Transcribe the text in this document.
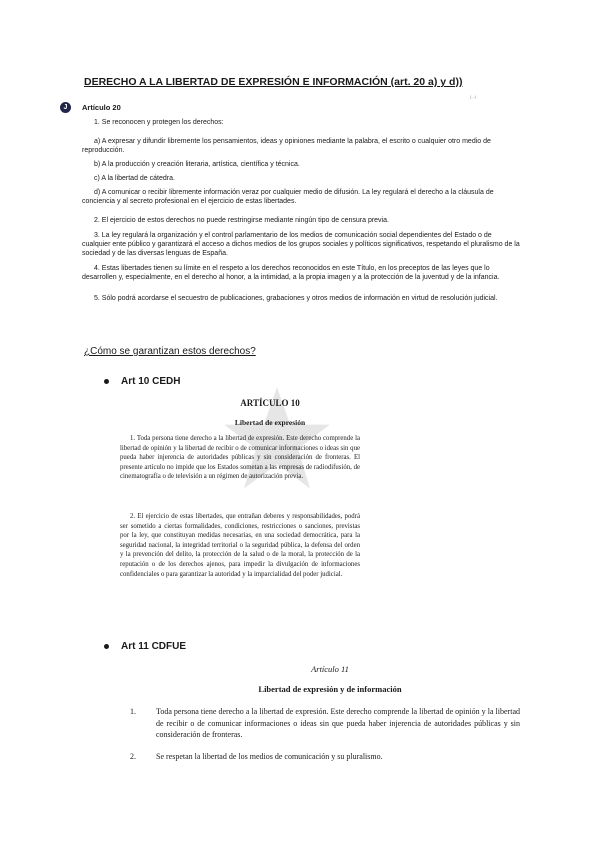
DERECHO A LA LIBERTAD DE EXPRESIÓN E INFORMACIÓN (art. 20 a) y d))
(...)
J	Artículo 20

1. Se reconocen y protegen los derechos:

a) A expresar y difundir libremente los pensamientos, ideas y opiniones mediante la palabra, el escrito o cualquier otro medio de reproducción.

b) A la producción y creación literaria, artística, científica y técnica.

c) A la libertad de cátedra.

d) A comunicar o recibir libremente información veraz por cualquier medio de difusión. La ley regulará el derecho a la cláusula de conciencia y al secreto profesional en el ejercicio de estas libertades.

2. El ejercicio de estos derechos no puede restringirse mediante ningún tipo de censura previa.

3. La ley regulará la organización y el control parlamentario de los medios de comunicación social dependientes del Estado o de cualquier ente público y garantizará el acceso a dichos medios de los grupos sociales y políticos significativos, respetando el pluralismo de la sociedad y de las diversas lenguas de España.

4. Estas libertades tienen su límite en el respeto a los derechos reconocidos en este Título, en los preceptos de las leyes que lo desarrollen y, especialmente, en el derecho al honor, a la intimidad, a la propia imagen y a la protección de la juventud y de la infancia.

5. Sólo podrá acordarse el secuestro de publicaciones, grabaciones y otros medios de información en virtud de resolución judicial.

¿Cómo se garantizan estos derechos?
Art 10 CEDH
ARTÍCULO 10
Libertad de expresión

1. Toda persona tiene derecho a la libertad de expresión. Este derecho comprende la libertad de opinión y la libertad de recibir o de comunicar informaciones o ideas sin que pueda haber injerencia de autoridades públicas y sin consideración de fronteras. El presente artículo no impide que los Estados sometan a las empresas de radiodifusión, de cinematografía o de televisión a un régimen de autorización previa.

2. El ejercicio de estas libertades, que entrañan deberes y responsabilidades, podrá ser sometido a ciertas formalidades, condiciones, restricciones o sanciones, previstas por la ley, que constituyan medidas necesarias, en una sociedad democrática, para la seguridad nacional, la integridad territorial o la seguridad pública, la defensa del orden y la prevención del delito, la protección de la salud o de la moral, la protección de la reputación o de los derechos ajenos, para impedir la divulgación de informaciones confidenciales o para garantizar la autoridad y la imparcialidad del poder judicial.

Art 11 CDFUE
Artículo 11
Libertad de expresión y de información
1.	Toda persona tiene derecho a la libertad de expresión. Este derecho comprende la libertad de opinión y la libertad de recibir o de comunicar informaciones o ideas sin que pueda haber injerencia de autoridades públicas y sin consideración de fronteras.
2.	Se respetan la libertad de los medios de comunicación y su pluralismo.
